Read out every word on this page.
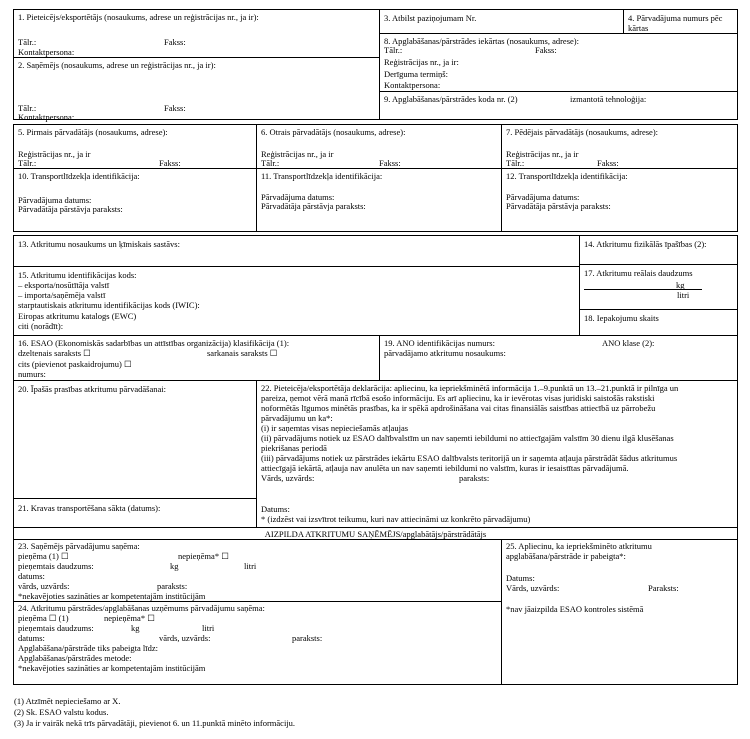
1. Pieteicējs/eksportētājs (nosaukums, adrese un reģistrācijas nr., ja ir):
Tālr.:	Fakss:
Kontaktpersona:
2. Saņēmējs (nosaukums, adrese un reģistrācijas nr., ja ir):
Tālr.:	Fakss:
Kontaktpersona:
3. Atbilst paziņojumam Nr.	4. Pārvadājuma numurs pēc kārtas
8. Apglabāšanas/pārstrādes iekārtas (nosaukums, adrese):
Tālr.:	Fakss:
Reģistrācijas nr., ja ir:
Derīguma termiņš:
Kontaktpersona:
9. Apglabāšanas/pārstrādes koda nr. (2)	izmantotā tehnoloģija:
5. Pirmais pārvadātājs (nosaukums, adrese):
Reģistrācijas nr., ja ir
Tālr.:	Fakss:
6. Otrais pārvadātājs (nosaukums, adrese):
Reģistrācijas nr., ja ir
Tālr.:	Fakss:
7. Pēdējais pārvadātājs (nosaukums, adrese):
Reģistrācijas nr., ja ir
Tālr.:	Fakss:
10. Transportlīdzekļa identifikācija:
Pārvadājuma datums:
Pārvadātāja pārstāvja paraksts:
11. Transportlīdzekļa identifikācija:
Pārvadājuma datums:
Pārvadātāja pārstāvja paraksts:
12. Transportlīdzekļa identifikācija:
Pārvadājuma datums:
Pārvadātāja pārstāvja paraksts:
13. Atkritumu nosaukums un ķīmiskais sastāvs:	14. Atkritumu fizikālās īpašības (2):
15. Atkritumu identifikācijas kods:
– eksporta/nosūtītāja valstī
– importa/saņēmēja valstī
starptautiskais atkritumu identifikācijas kods (IWIC):
Eiropas atkritumu katalogs (EWC)
citi (norādīt):
17. Atkritumu reālais daudzums
kg
litri
18. Iepakojumu skaits
16. ESAO (Ekonomiskās sadarbības un attīstības organizācija) klasifikācija (1):
dzeltenais saraksts ☐	sarkanais saraksts ☐
cits (pievienot paskaidrojumu) ☐
numurs:
19. ANO identifikācijas numurs:	ANO klase (2):
pārvadājamo atkritumu nosaukums:
20. Īpašās prasības atkritumu pārvadāšanai:
21. Kravas transportēšana sākta (datums):
22. Pieteicēja/eksportētāja deklarācija: apliecinu, ka iepriekšminētā informācija 1.–9.punktā un 13.–21.punktā ir pilnīga un
pareiza, ņemot vērā manā rīcībā esošo informāciju. Es arī apliecinu, ka ir ievērotas visas juridiski saistošās rakstiski
noformētās līgumos minētās prasības, ka ir spēkā apdrošināšana vai citas finansiālās saistības attiecībā uz pārrobežu
pārvadājumu un ka*:
(i) ir saņemtas visas nepieciešamās atļaujas
(ii) pārvadājums notiek uz ESAO dalībvalstīm un nav saņemti iebildumi no attiecīgajām valstīm 30 dienu ilgā klusēšanas
piekrišanas periodā
(iii) pārvadājums notiek uz pārstrādes iekārtu ESAO dalībvalsts teritorijā un ir saņemta atļauja pārstrādāt šādus atkritumus
attiecīgajā iekārtā, atļauja nav anulēta un nav saņemti iebildumi no valstīm, kuras ir iesaistītas pārvadājumā.
Vārds, uzvārds:	paraksts:
Datums:
* (izdzēst vai izsvītrot teikumu, kuri nav attiecināmi uz konkrēto pārvadājumu)
AIZPILDA ATKRITUMU SAŅĒMĒJS/apglabātājs/pārstrādātājs
23. Saņēmējs pārvadājumu saņēma:
pieņēma (1) ☐	nepieņēma* ☐
pieņemtais daudzums:	kg	litri
datums:
vārds, uzvārds:	paraksts:
*nekavējoties sazināties ar kompetentajām institūcijām
24. Atkritumu pārstrādes/apglabāšanas uzņēmums pārvadājumu saņēma:
pieņēma ☐ (1)	nepieņēma* ☐
pieņemtais daudzums:	kg	litri
datums:	vārds, uzvārds:	paraksts:
Apglabāšana/pārstrāde tiks pabeigta līdz:
Apglabāšanas/pārstrādes metode:
*nekavējoties sazināties ar kompetentajām institūcijām
25. Apliecinu, ka iepriekšminēto atkritumu
apglabāšana/pārstrāde ir pabeigta*:
Datums:
Vārds, uzvārds:	Paraksts:
*nav jāaizpilda ESAO kontroles sistēmā
(1) Atzīmēt nepieciešamo ar X.
(2) Sk. ESAO valstu kodus.
(3) Ja ir vairāk nekā trīs pārvadātāji, pievienot 6. un 11.punktā minēto informāciju.
